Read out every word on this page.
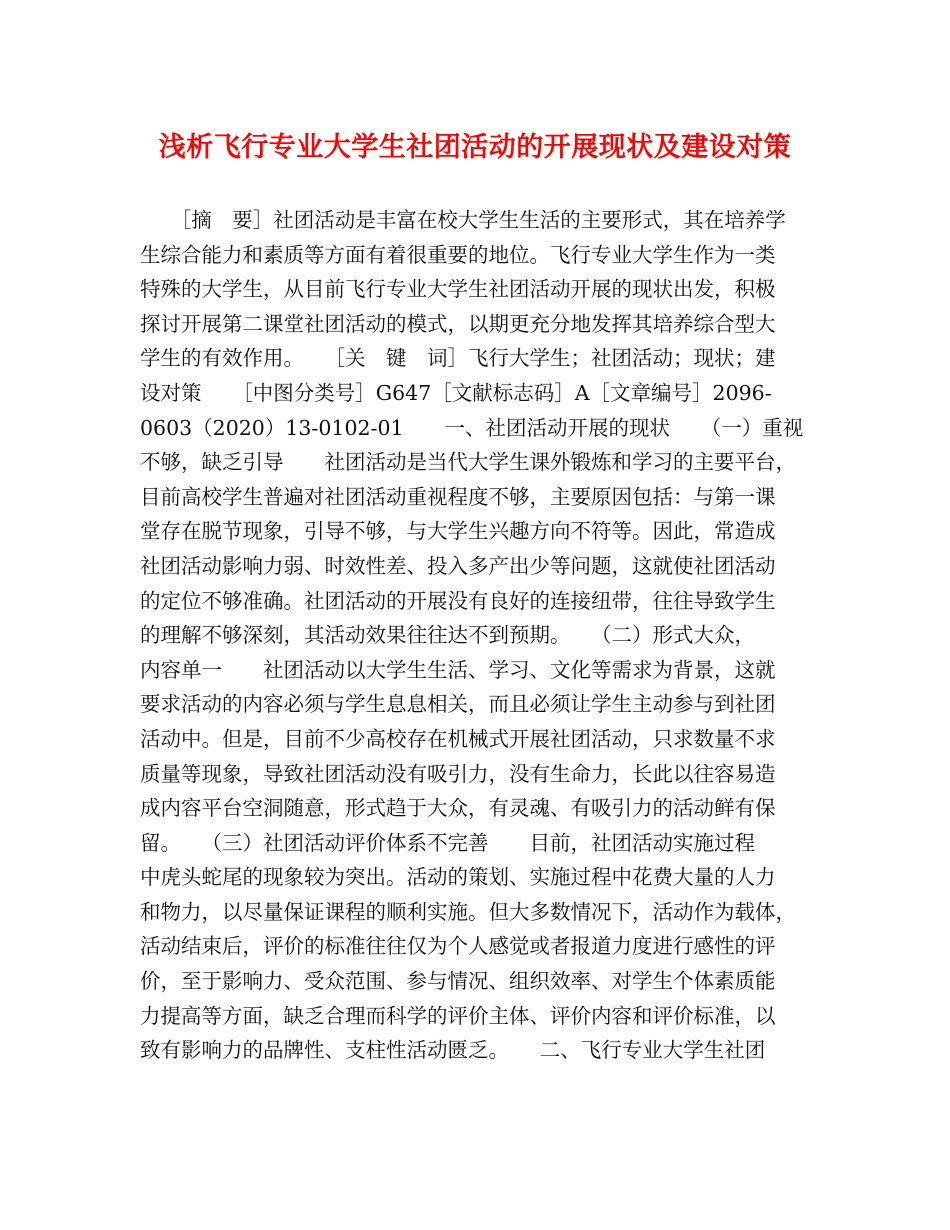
浅析飞行专业大学生社团活动的开展现状及建设对策
　　［摘　要］社团活动是丰富在校大学生生活的主要形式，其在培养学
生综合能力和素质等方面有着很重要的地位。飞行专业大学生作为一类
特殊的大学生，从目前飞行专业大学生社团活动开展的现状出发，积极
探讨开展第二课堂社团活动的模式，以期更充分地发挥其培养综合型大
学生的有效作用。　　［关　键　词］飞行大学生；社团活动；现状；建
设对策　　［中图分类号］G647［文献标志码］A［文章编号］2096-
0603（2020）13-0102-01　　一、社团活动开展的现状　　（一）重视
不够，缺乏引导　　社团活动是当代大学生课外锻炼和学习的主要平台，
目前高校学生普遍对社团活动重视程度不够，主要原因包括：与第一课
堂存在脱节现象，引导不够，与大学生兴趣方向不符等。因此，常造成
社团活动影响力弱、时效性差、投入多产出少等问题，这就使社团活动
的定位不够准确。社团活动的开展没有良好的连接纽带，往往导致学生
的理解不够深刻，其活动效果往往达不到预期。　　（二）形式大众，
内容单一　　社团活动以大学生生活、学习、文化等需求为背景，这就
要求活动的内容必须与学生息息相关，而且必须让学生主动参与到社团
活动中。但是，目前不少高校存在机械式开展社团活动，只求数量不求
质量等现象，导致社团活动没有吸引力，没有生命力，长此以往容易造
成内容平台空洞随意，形式趋于大众，有灵魂、有吸引力的活动鲜有保
留。　　（三）社团活动评价体系不完善　　目前，社团活动实施过程
中虎头蛇尾的现象较为突出。活动的策划、实施过程中花费大量的人力
和物力，以尽量保证课程的顺利实施。但大多数情况下，活动作为载体，
活动结束后，评价的标准往往仅为个人感觉或者报道力度进行感性的评
价，至于影响力、受众范围、参与情况、组织效率、对学生个体素质能
力提高等方面，缺乏合理而科学的评价主体、评价内容和评价标准，以
致有影响力的品牌性、支柱性活动匮乏。　　二、飞行专业大学生社团
